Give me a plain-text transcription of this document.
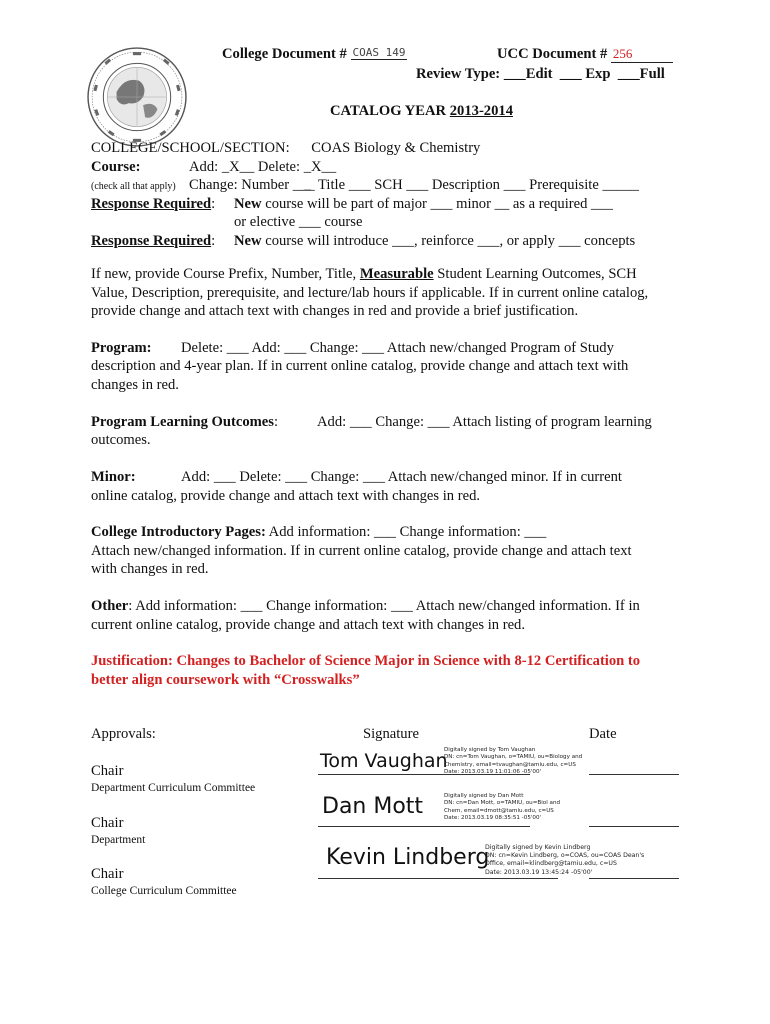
College Document # COAS 149	UCC Document # 256
Review Type: ___Edit  ___ Exp  ___Full
CATALOG YEAR 2013-2014
COLLEGE/SCHOOL/SECTION: COAS Biology & Chemistry
Course:	Add: _X__ Delete: _X__
(check all that apply) Change: Number __̲_ Title ___ SCH ___ Description ___ Prerequisite _____
Response Required: New course will be part of major ___ minor __ as a required ___
or elective ___ course
Response Required: New course will introduce ___, reinforce ___, or apply ___ concepts
If new, provide Course Prefix, Number, Title, Measurable Student Learning Outcomes, SCH
Value, Description, prerequisite, and lecture/lab hours if applicable. If in current online catalog,
provide change and attach text with changes in red and provide a brief justification.
Program: Delete: ___ Add: ___ Change: ___ Attach new/changed Program of Study
description and 4-year plan. If in current online catalog, provide change and attach text with
changes in red.
Program Learning Outcomes:	Add: ___ Change: ___ Attach listing of program learning
outcomes.
Minor:	Add: ___ Delete: ___ Change: ___ Attach new/changed minor. If in current
online catalog, provide change and attach text with changes in red.
College Introductory Pages: Add information: ___ Change information: ___
Attach new/changed information. If in current online catalog, provide change and attach text
with changes in red.
Other: Add information: ___ Change information: ___ Attach new/changed information. If in
current online catalog, provide change and attach text with changes in red.
Justification: Changes to Bachelor of Science Major in Science with 8-12 Certification to
better align coursework with “Crosswalks”
Approvals:	Signature	Date
Chair
Department Curriculum Committee
Tom Vaughan
Digitally signed by Tom Vaughan
DN: cn=Tom Vaughan, o=TAMIU, ou=Biology and
Chemistry, email=tvaughan@tamiu.edu, c=US
Date: 2013.03.19 11:01:06 -05'00'
Chair
Department
Dan Mott	Digitally signed by Dan Mott
DN: cn=Dan Mott, o=TAMIU, ou=Biol and
Chem, email=dmott@tamiu.edu, c=US
Date: 2013.03.19 08:35:51 -05'00'
Chair
College Curriculum Committee
Kevin Lindberg
Digitally signed by Kevin Lindberg
DN: cn=Kevin Lindberg, o=COAS, ou=COAS Dean's
Office, email=klindberg@tamiu.edu, c=US
Date: 2013.03.19 13:45:24 -05'00'
